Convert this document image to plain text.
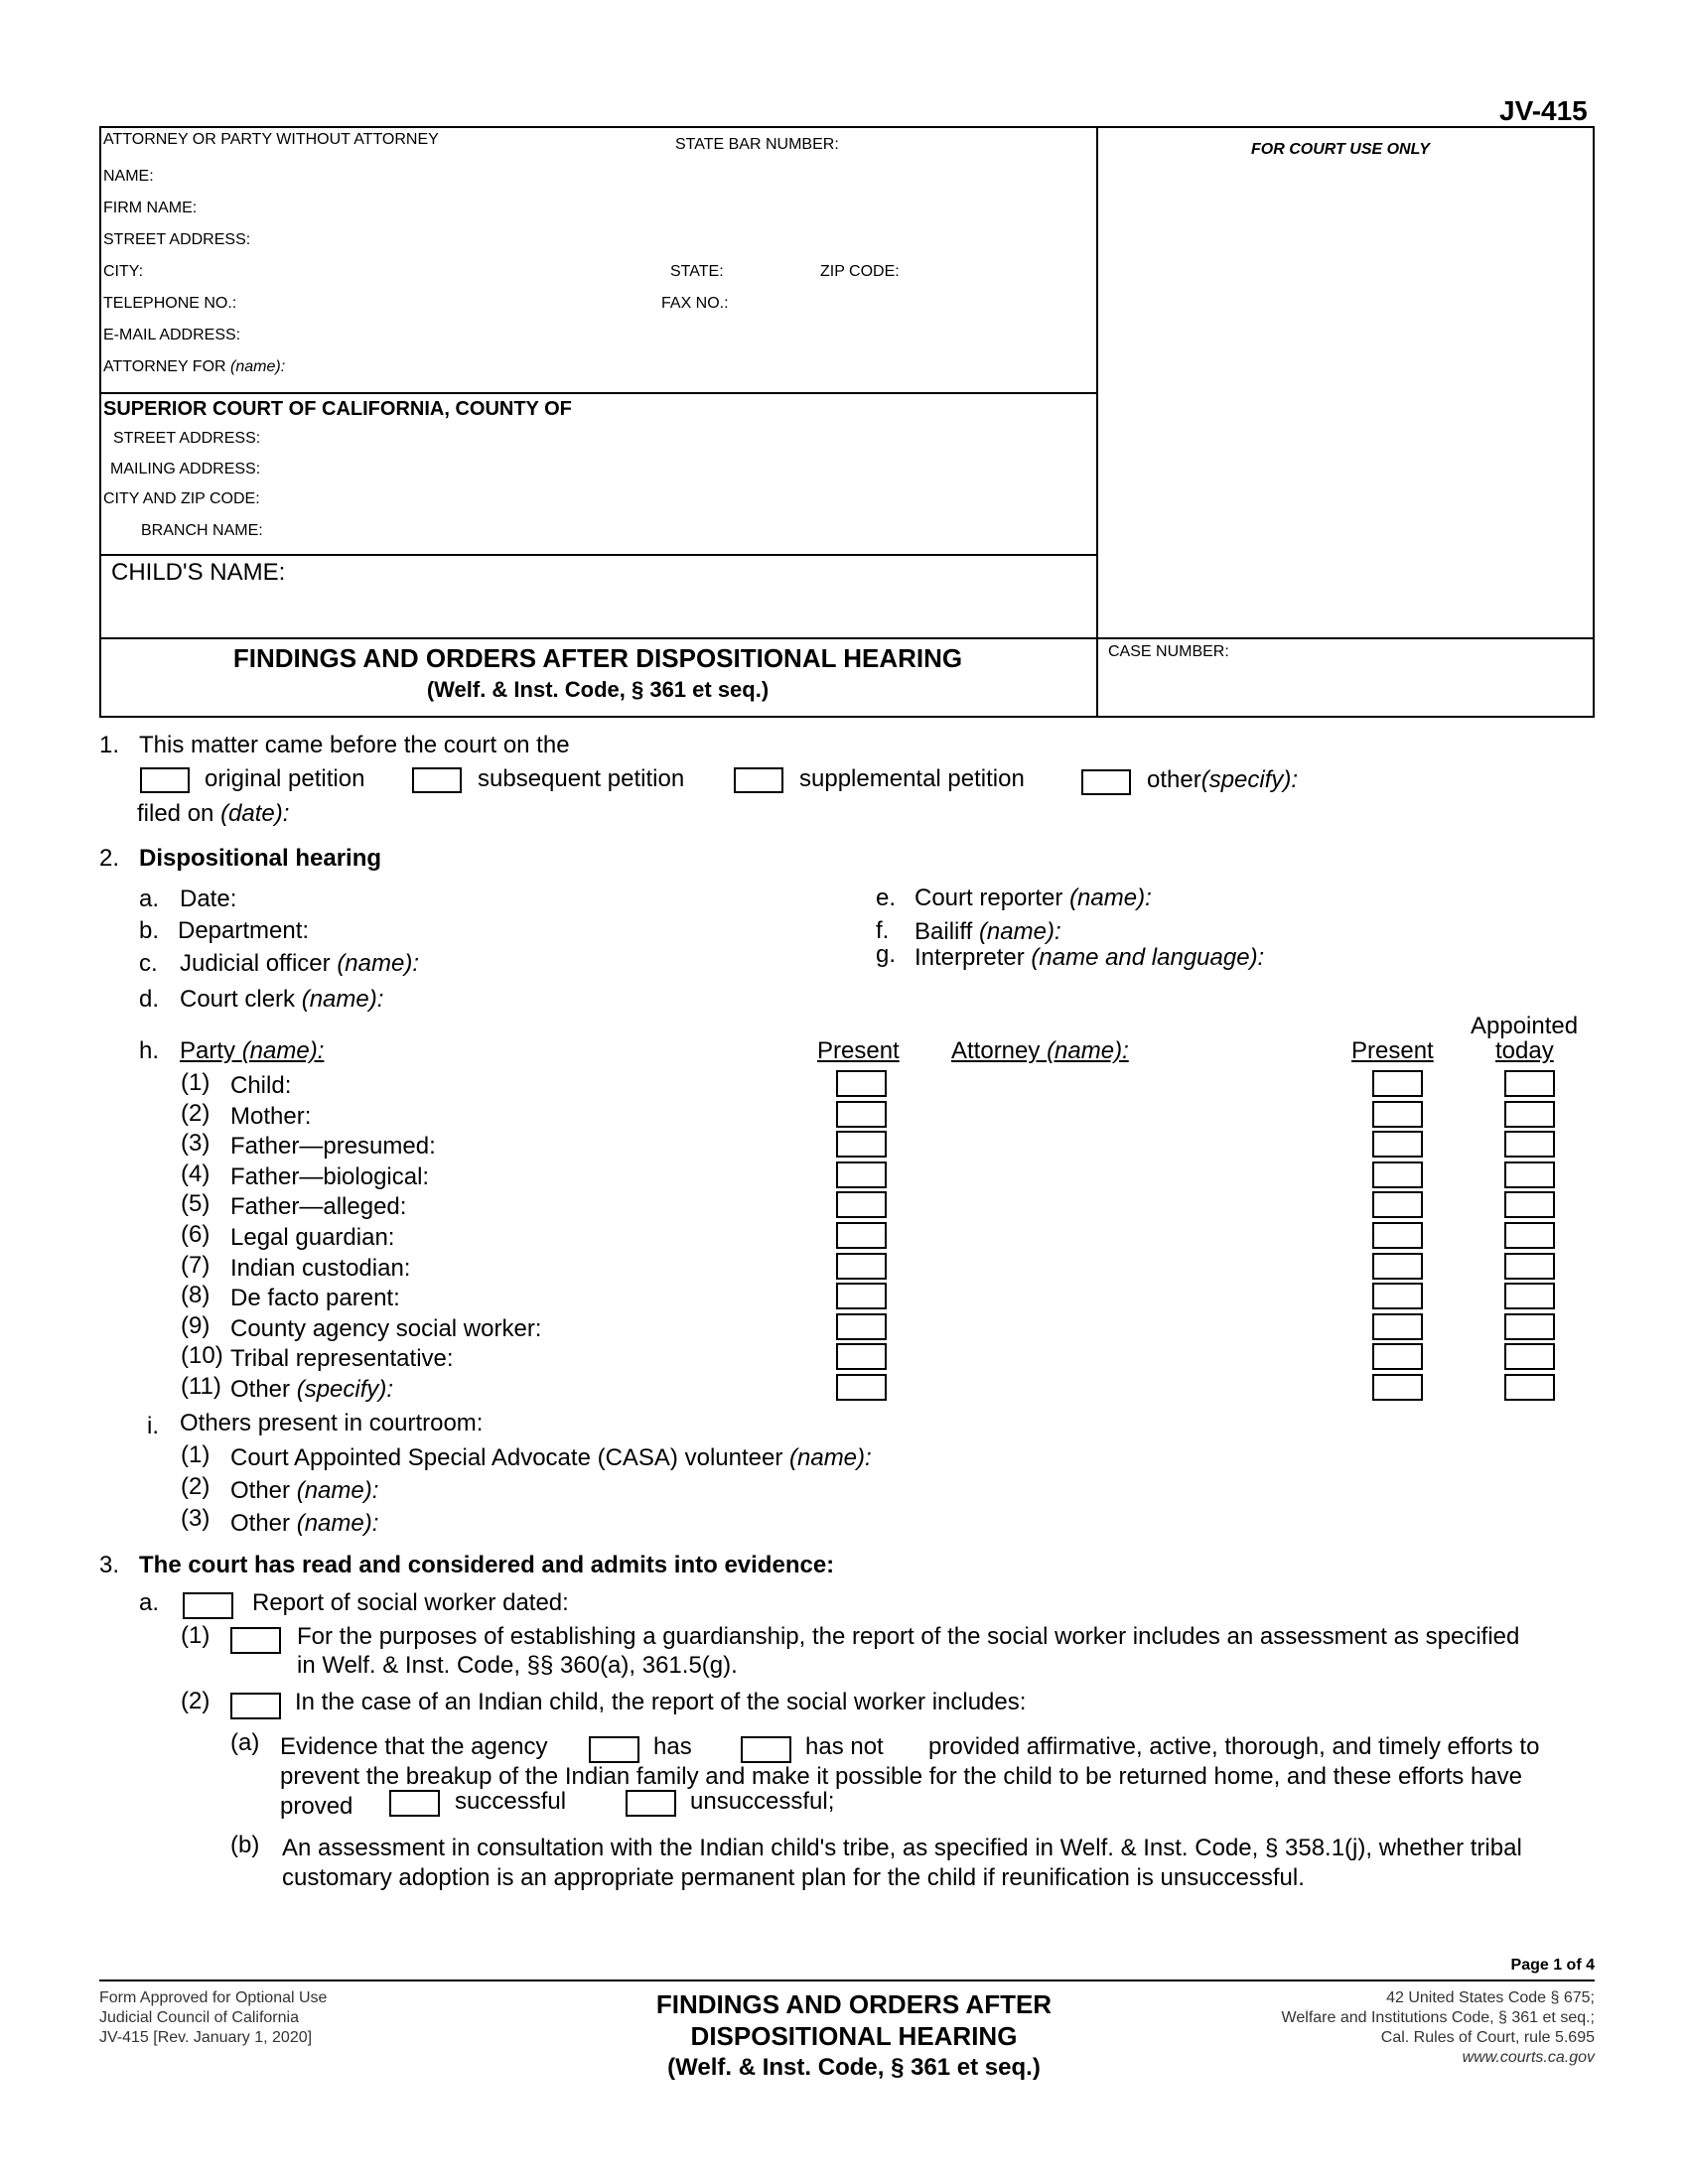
JV-415
ATTORNEY OR PARTY WITHOUT ATTORNEY	STATE BAR NUMBER:
NAME:
FIRM NAME:
STREET ADDRESS:
CITY:	STATE:	ZIP CODE:
TELEPHONE NO.:	FAX NO.:
E-MAIL ADDRESS:
ATTORNEY FOR (name):
FOR COURT USE ONLY
SUPERIOR COURT OF CALIFORNIA, COUNTY OF
STREET ADDRESS:
MAILING ADDRESS:
CITY AND ZIP CODE:
BRANCH NAME:
CHILD'S NAME:
FINDINGS AND ORDERS AFTER DISPOSITIONAL HEARING
(Welf. & Inst. Code, § 361 et seq.)
CASE NUMBER:
1. This matter came before the court on the
original petition	subsequent petition	supplemental petition	other(specify):
filed on (date):
2. Dispositional hearing
a. Date:
b. Department:
c. Judicial officer (name):
d. Court clerk (name):
e. Court reporter (name):
f. Bailiff (name):
g. Interpreter (name and language):
h. Party (name):	Present Attorney (name):	Present
Appointed
today
(1) Child:
(2) Mother:
(3) Father—presumed:
(4) Father—biological:
(5) Father—alleged:
(6) Legal guardian:
(7) Indian custodian:
(8) De facto parent:
(9) County agency social worker:
(10) Tribal representative:
(11) Other (specify):
i. Others present in courtroom:
(1) Court Appointed Special Advocate (CASA) volunteer (name):
(2) Other (name):
(3) Other (name):
3. The court has read and considered and admits into evidence:
a.	Report of social worker dated:
(1)	For the purposes of establishing a guardianship, the report of the social worker includes an assessment as specified
in Welf. & Inst. Code, §§ 360(a), 361.5(g).
(2)	In the case of an Indian child, the report of the social worker includes:
(a) Evidence that the agency	has	has not provided affirmative, active, thorough, and timely efforts to
prevent the breakup of the Indian family and make it possible for the child to be returned home, and these efforts have
proved	successful	unsuccessful;
(b) An assessment in consultation with the Indian child's tribe, as specified in Welf. & Inst. Code, § 358.1(j), whether tribal
customary adoption is an appropriate permanent plan for the child if reunification is unsuccessful.
Page 1 of 4
Form Approved for Optional Use
Judicial Council of California
JV-415 [Rev. January 1, 2020]
FINDINGS AND ORDERS AFTER
DISPOSITIONAL HEARING
(Welf. & Inst. Code, § 361 et seq.)
42 United States Code § 675;
Welfare and Institutions Code, § 361 et seq.;
Cal. Rules of Court, rule 5.695
www.courts.ca.gov
